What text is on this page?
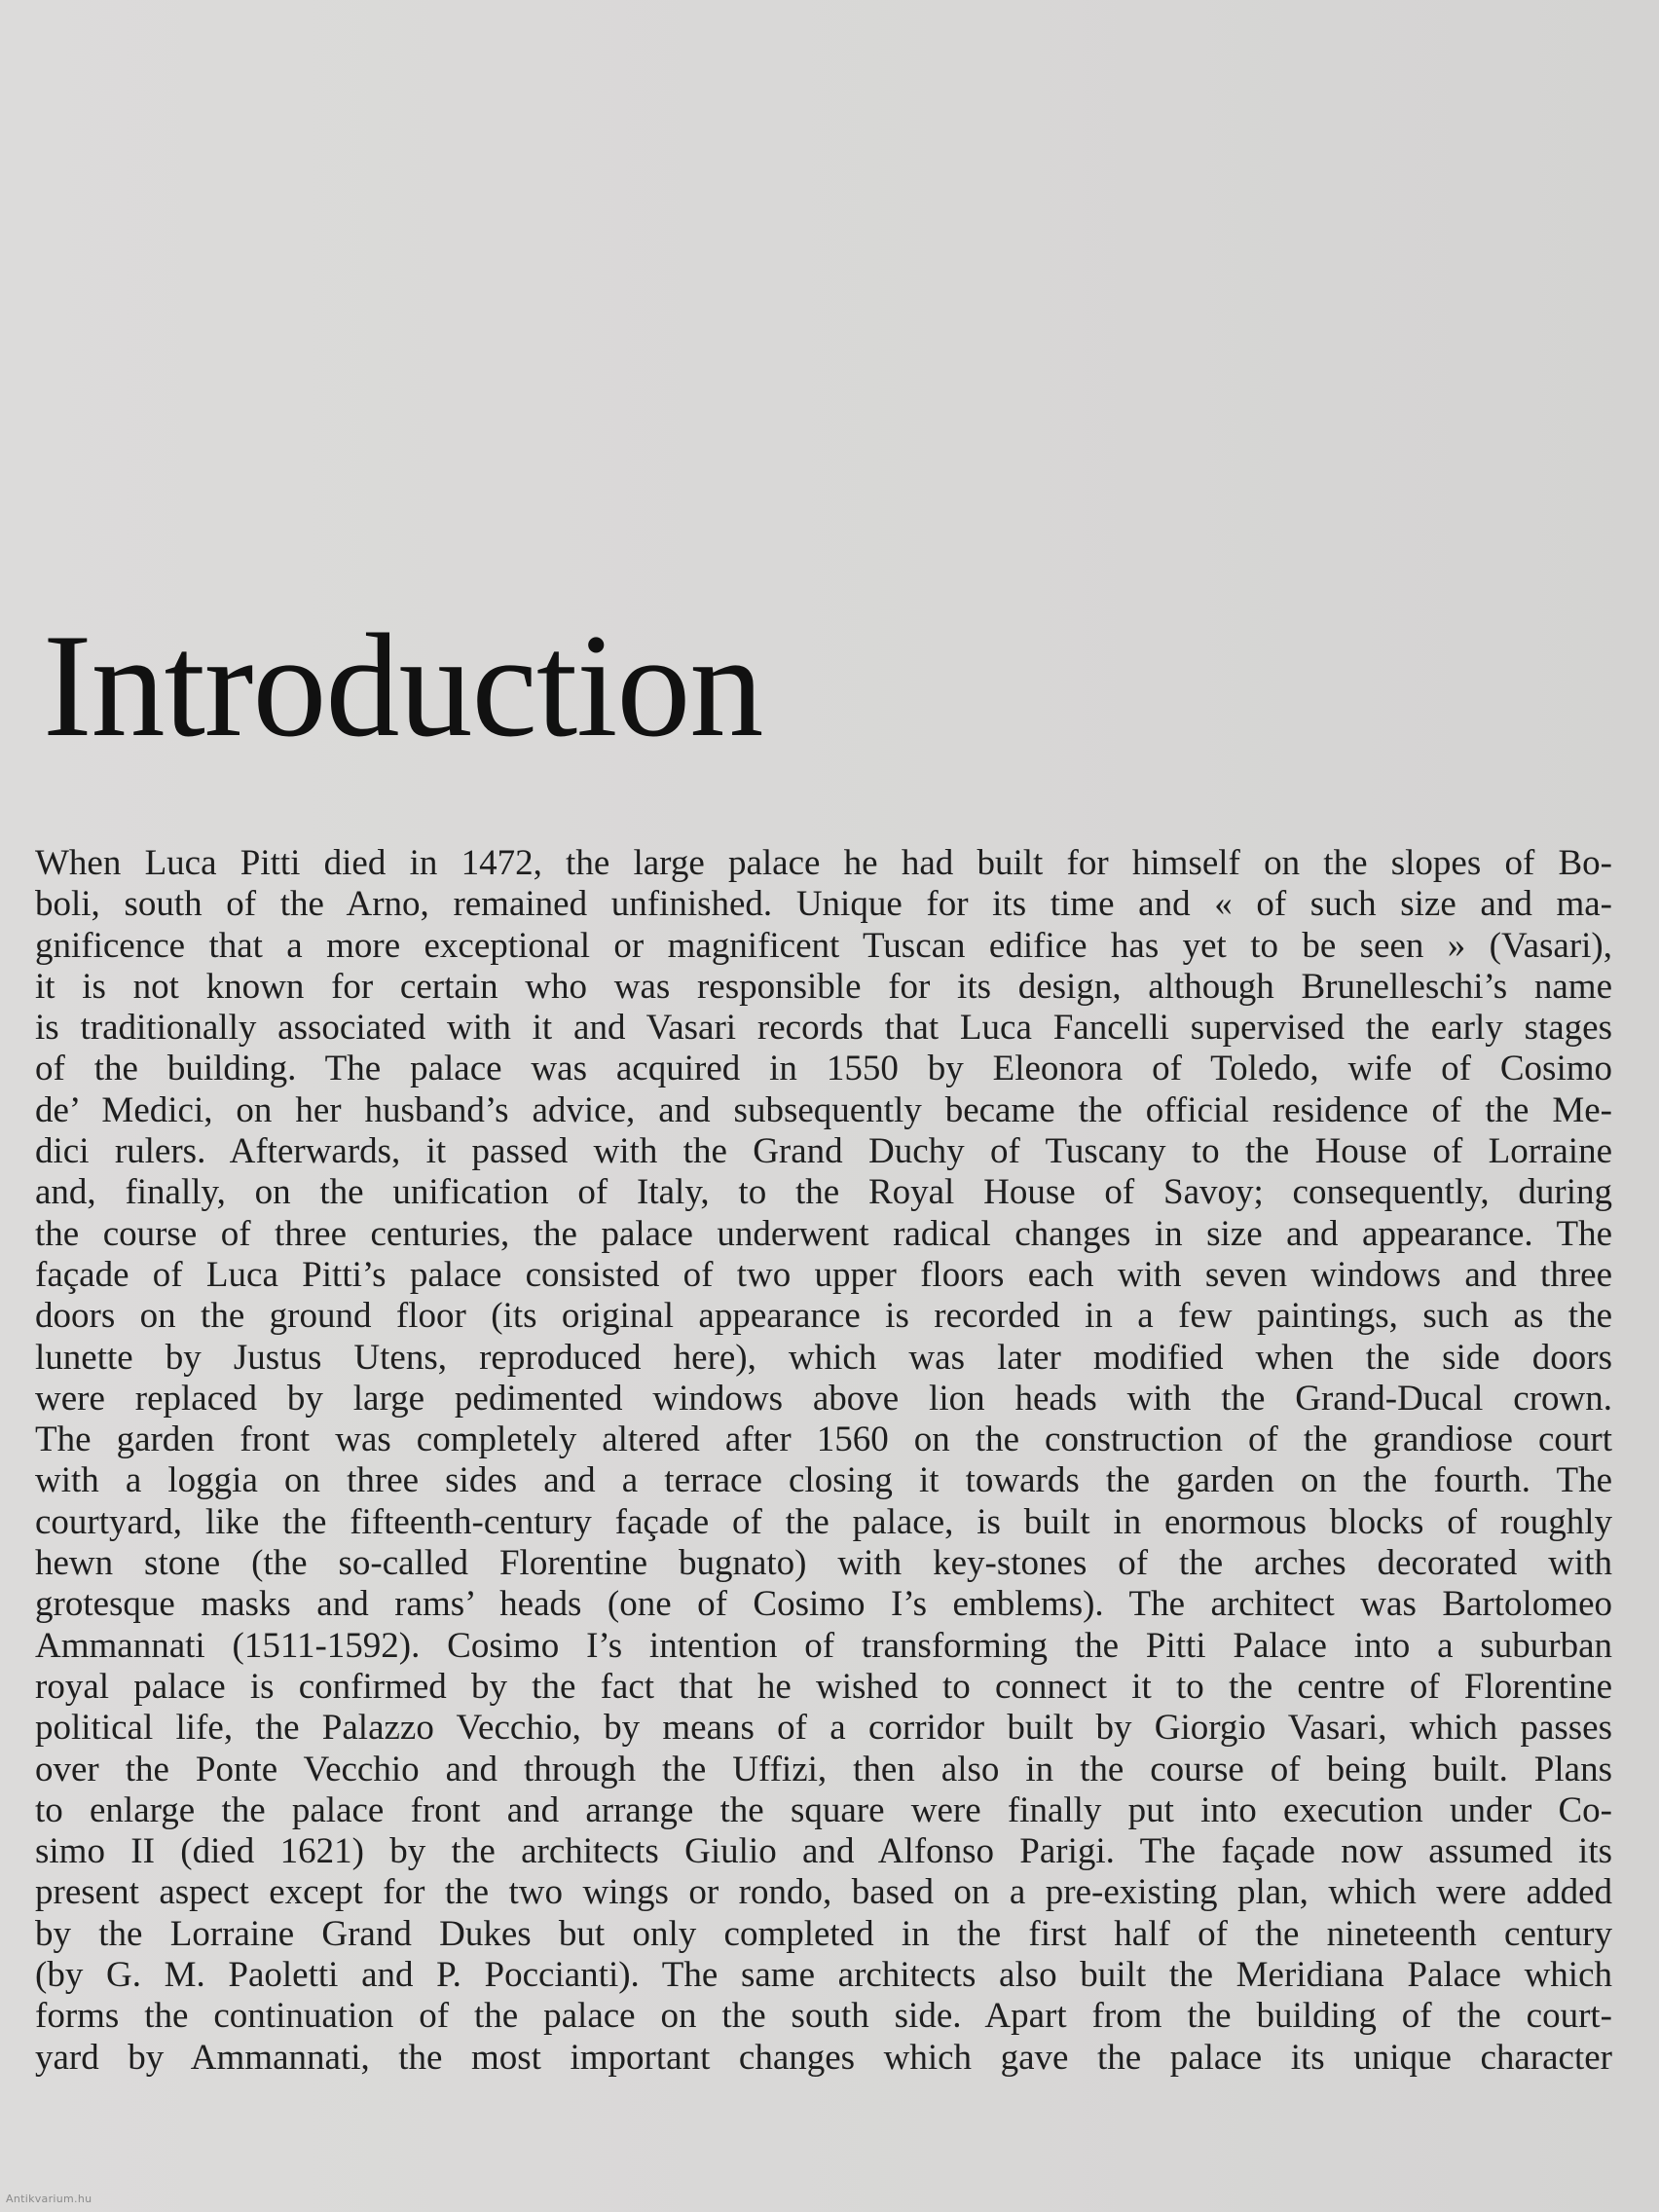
Introduction
When Luca Pitti died in 1472, the large palace he had built for himself on the slopes of Bo-
boli, south of the Arno, remained unfinished. Unique for its time and « of such size and ma-
gnificence that a more exceptional or magnificent Tuscan edifice has yet to be seen » (Vasari),
it is not known for certain who was responsible for its design, although Brunelleschi’s name
is traditionally associated with it and Vasari records that Luca Fancelli supervised the early stages
of the building. The palace was acquired in 1550 by Eleonora of Toledo, wife of Cosimo
de’ Medici, on her husband’s advice, and subsequently became the official residence of the Me-
dici rulers. Afterwards, it passed with the Grand Duchy of Tuscany to the House of Lorraine
and, finally, on the unification of Italy, to the Royal House of Savoy; consequently, during
the course of three centuries, the palace underwent radical changes in size and appearance. The
façade of Luca Pitti’s palace consisted of two upper floors each with seven windows and three
doors on the ground floor (its original appearance is recorded in a few paintings, such as the
lunette by Justus Utens, reproduced here), which was later modified when the side doors
were replaced by large pedimented windows above lion heads with the Grand-Ducal crown.
The garden front was completely altered after 1560 on the construction of the grandiose court
with a loggia on three sides and a terrace closing it towards the garden on the fourth. The
courtyard, like the fifteenth-century façade of the palace, is built in enormous blocks of roughly
hewn stone (the so-called Florentine bugnato) with key-stones of the arches decorated with
grotesque masks and rams’ heads (one of Cosimo I’s emblems). The architect was Bartolomeo
Ammannati (1511-1592). Cosimo I’s intention of transforming the Pitti Palace into a suburban
royal palace is confirmed by the fact that he wished to connect it to the centre of Florentine
political life, the Palazzo Vecchio, by means of a corridor built by Giorgio Vasari, which passes
over the Ponte Vecchio and through the Uffizi, then also in the course of being built. Plans
to enlarge the palace front and arrange the square were finally put into execution under Co-
simo II (died 1621) by the architects Giulio and Alfonso Parigi. The façade now assumed its
present aspect except for the two wings or rondo, based on a pre-existing plan, which were added
by the Lorraine Grand Dukes but only completed in the first half of the nineteenth century
(by G. M. Paoletti and P. Poccianti). The same architects also built the Meridiana Palace which
forms the continuation of the palace on the south side. Apart from the building of the court-
yard by Ammannati, the most important changes which gave the palace its unique character
Antikvarium.hu
